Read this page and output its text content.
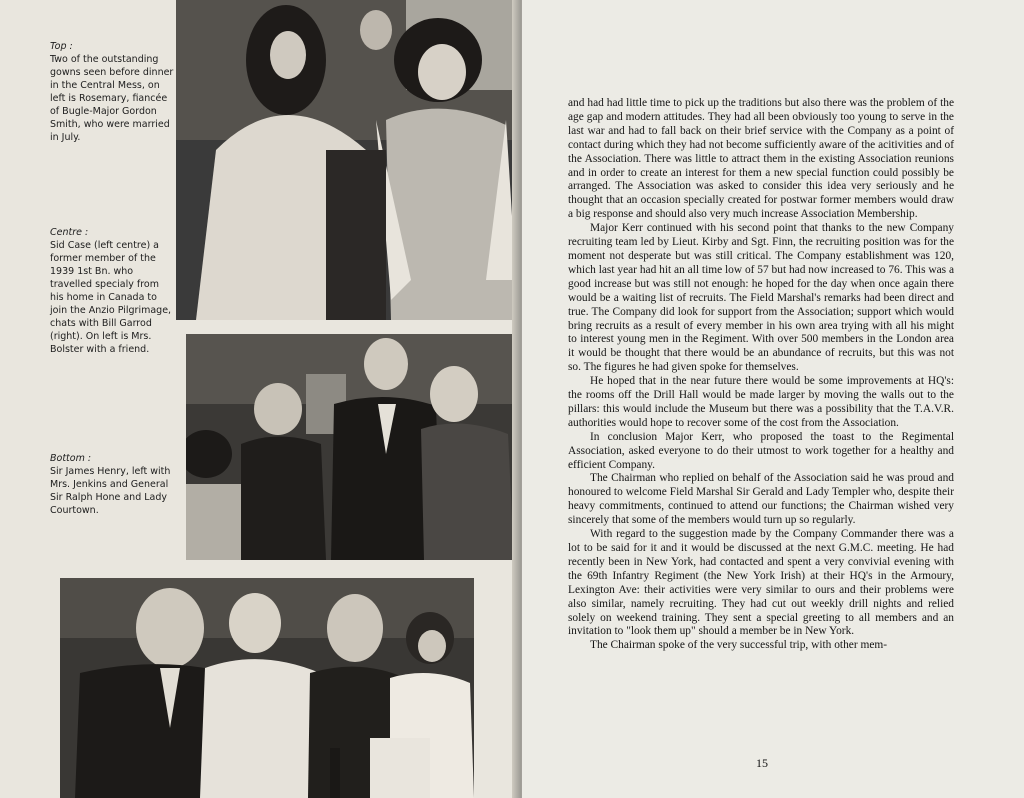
Top :
Two of the outstanding gowns seen before dinner in the Central Mess, on left is Rosemary, fiancée of Bugle-Major Gordon Smith, who were married in July.
Centre :
Sid Case (left centre) a former member of the 1939 1st Bn. who travelled specialy from his home in Canada to join the Anzio Pilgrimage, chats with Bill Garrod (right). On left is Mrs. Bolster with a friend.
Bottom :
Sir James Henry, left with Mrs. Jenkins and General Sir Ralph Hone and Lady Courtown.

and had had little time to pick up the traditions but also there was the problem of the age gap and modern attitudes. They had all been obviously too young to serve in the last war and had to fall back on their brief service with the Company as a point of contact during which they had not become sufficiently aware of the acitivities and of the Association. There was little to attract them in the existing Association reunions and in order to create an interest for them a new special function could possibly be arranged. The Association was asked to consider this idea very seriously and he thought that an occasion specially created for postwar former members would draw a big response and should also very much increase Association Membership.

Major Kerr continued with his second point that thanks to the new Company recruiting team led by Lieut. Kirby and Sgt. Finn, the recruiting position was for the moment not desperate but was still critical. The Company establishment was 120, which last year had hit an all time low of 57 but had now increased to 76. This was a good increase but was still not enough: he hoped for the day when once again there would be a waiting list of recruits. The Field Marshal's remarks had been direct and true. The Company did look for support from the Association; support which would bring recruits as a result of every member in his own area trying with all his might to interest young men in the Regiment. With over 500 members in the London area it would be thought that there would be an abundance of recruits, but this was not so. The figures he had given spoke for themselves.

He hoped that in the near future there would be some improvements at HQ's: the rooms off the Drill Hall would be made larger by moving the walls out to the pillars: this would include the Museum but there was a possibility that the T.A.V.R. authorities would hope to recover some of the cost from the Association.

In conclusion Major Kerr, who proposed the toast to the Regimental Association, asked everyone to do their utmost to work together for a healthy and efficient Company.

The Chairman who replied on behalf of the Association said he was proud and honoured to welcome Field Marshal Sir Gerald and Lady Templer who, despite their heavy commitments, continued to attend our functions; the Chairman wished very sincerely that some of the members would turn up so regularly.

With regard to the suggestion made by the Company Commander there was a lot to be said for it and it would be discussed at the next G.M.C. meeting. He had recently been in New York, had contacted and spent a very convivial evening with the 69th Infantry Regiment (the New York Irish) at their HQ's in the Armoury, Lexington Ave: their activities were very similar to ours and their problems were also similar, namely recruiting. They had cut out weekly drill nights and relied solely on weekend training. They sent a special greeting to all members and an invitation to "look them up" should a member be in New York.

The Chairman spoke of the very successful trip, with other mem-

15
